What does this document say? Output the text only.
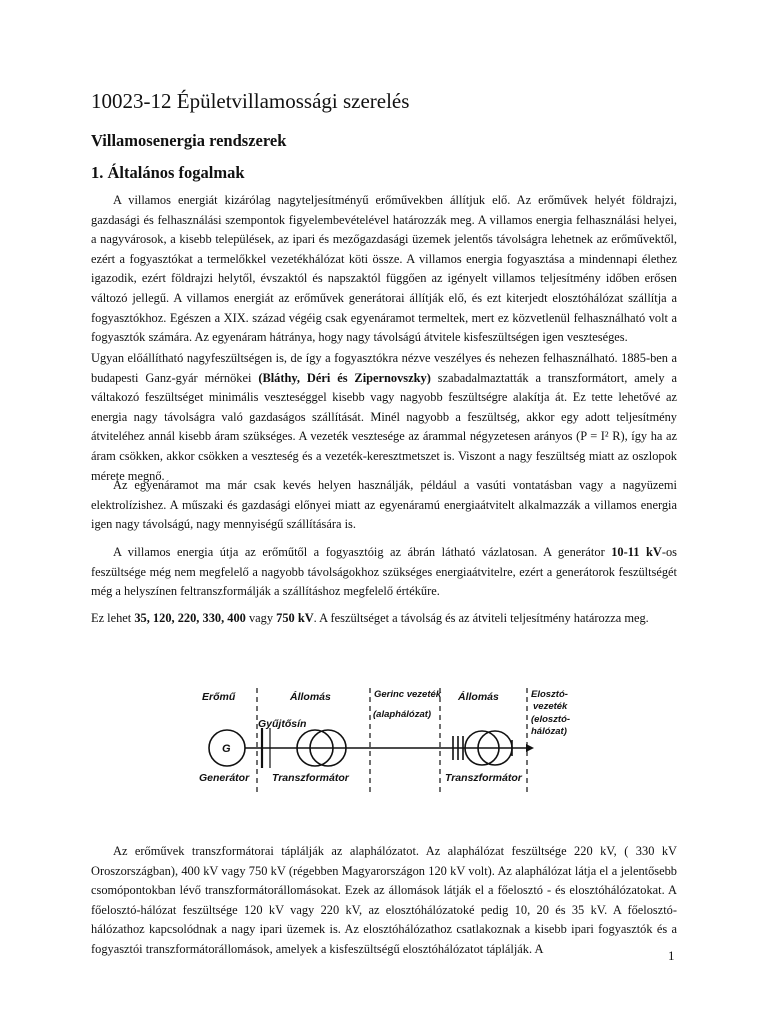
10023-12 Épületvillamossági szerelés
Villamosenergia rendszerek
1. Általános fogalmak

A villamos energiát kizárólag nagyteljesítményű erőművekben állítjuk elő. Az erőművek helyét földrajzi, gazdasági és felhasználási szempontok figyelembevételével határozzák meg. A villamos energia felhasználási helyei, a nagyvárosok, a kisebb települések, az ipari és mezőgazdasági üzemek jelentős távolságra lehetnek az erőművektől, ezért a fogyasztókat a termelőkkel vezetékhálózat köti össze. A villamos energia fogyasztása a mindennapi élethez igazodik, ezért földrajzi helytől, évszaktól és napszaktól függően az igényelt villamos teljesítmény időben erősen változó jellegű. A villamos energiát az erőművek generátorai állítják elő, és ezt kiterjedt elosztóhálózat szállítja a fogyasztókhoz. Egészen a XIX. század végéig csak egyenáramot termeltek, mert ez közvetlenül felhasználható volt a fogyasztók számára. Az egyenáram hátránya, hogy nagy távolságú átvitele kisfeszültségen igen veszteséges.

Ugyan előállítható nagyfeszültségen is, de így a fogyasztókra nézve veszélyes és nehezen felhasználható. 1885-ben a budapesti Ganz-gyár mérnökei (Bláthy, Déri és Zipernovszky) szabadalmaztatták a transzformátort, amely a váltakozó feszültséget minimális veszteséggel kisebb vagy nagyobb feszültségre alakítja át. Ez tette lehetővé az energia nagy távolságra való gazdaságos szállítását. Minél nagyobb a feszültség, akkor egy adott teljesítmény átviteléhez annál kisebb áram szükséges. A vezeték vesztesége az árammal négyzetesen arányos (P = I² R), így ha az áram csökken, akkor csökken a veszteség és a vezeték-keresztmetszet is. Viszont a nagy feszültség miatt az oszlopok mérete megnő.

Az egyenáramot ma már csak kevés helyen használják, például a vasúti vontatásban vagy a nagyüzemi elektrolízishez. A műszaki és gazdasági előnyei miatt az egyenáramú energiaátvitelt alkalmazzák a villamos energia igen nagy távolságú, nagy mennyiségű szállítására is.

A villamos energia útja az erőműtől a fogyasztóig az ábrán látható vázlatosan. A generátor 10-11 kV-os feszültsége még nem megfelelő a nagyobb távolságokhoz szükséges energiaátvitelre, ezért a generátorok feszültségét még a helyszínen feltranszformálják a szállításhoz megfelelő értékűre.

Ez lehet 35, 120, 220, 330, 400 vagy 750 kV. A feszültséget a távolság és az átviteli teljesítmény határozza meg.

Erőmű	Állomás	Gerinc vezeték
(alaphálózat)
Állomás	Elosztó-
vezeték
(elosztó-
hálózat)
Gyűjtősín
G
Generátor Transzformátor	Transzformátor

Az erőművek transzformátorai táplálják az alaphálózatot. Az alaphálózat feszültsége 220 kV, ( 330 kV Oroszországban), 400 kV vagy 750 kV (régebben Magyarországon 120 kV volt). Az alaphálózat látja el a jelentősebb csomópontokban lévő transzformátorállomásokat. Ezek az állomások látják el a főelosztó - és elosztóhálózatokat. A főelosztó-hálózat feszültsége 120 kV vagy 220 kV, az elosztóhálózatoké pedig 10, 20 és 35 kV. A főelosztó-hálózathoz kapcsolódnak a nagy ipari üzemek is. Az elosztóhálózathoz csatlakoznak a kisebb ipari fogyasztók és a fogyasztói transzformátorállomások, amelyek a kisfeszültségű elosztóhálózatot táplálják. A	1
